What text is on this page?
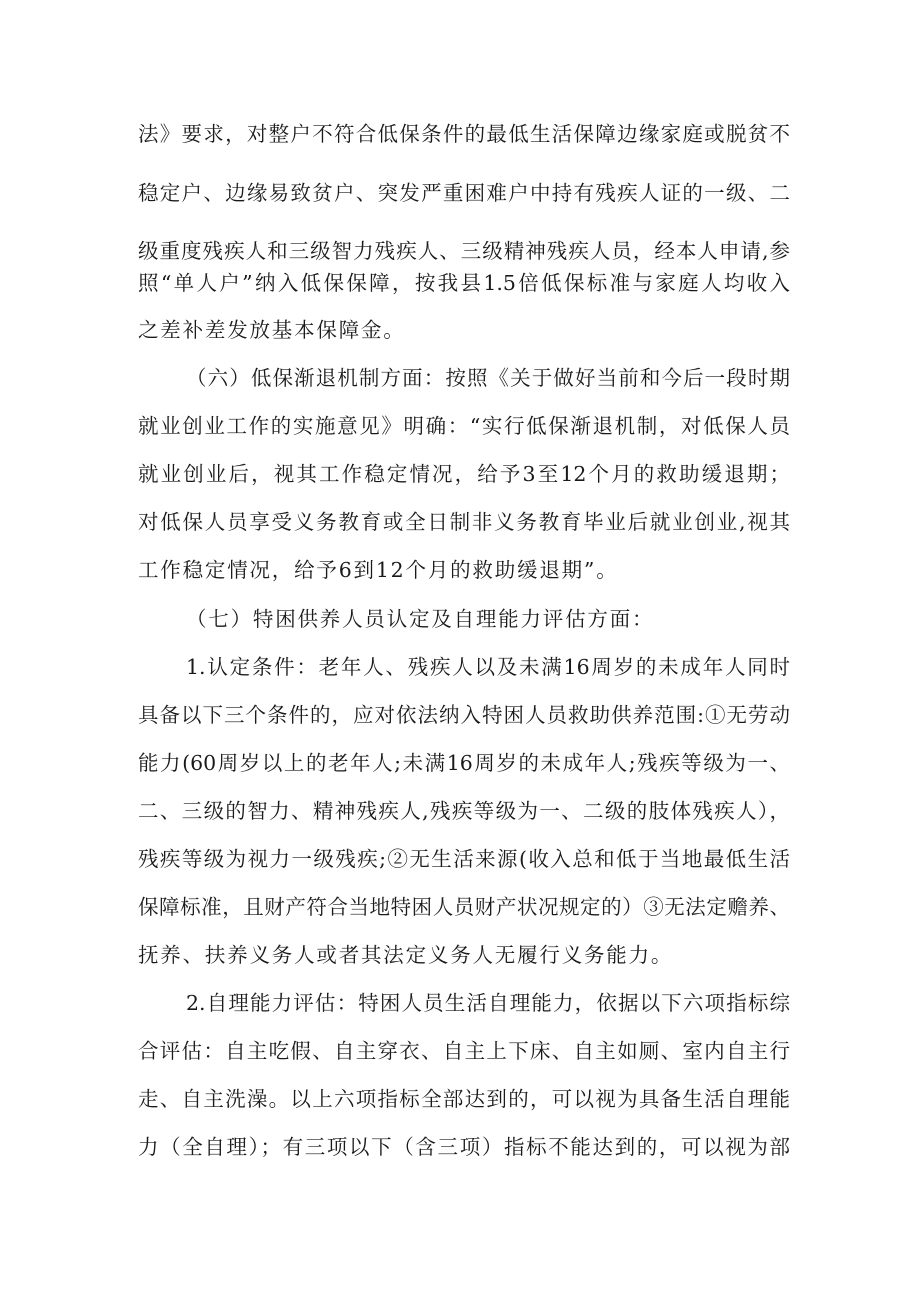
法》要求，对整户不符合低保条件的最低生活保障边缘家庭或脱贫不
稳定户、边缘易致贫户、突发严重困难户中持有残疾人证的一级、二
级重度残疾人和三级智力残疾人、三级精神残疾人员，经本人申请,参
照“单人户”纳入低保保障，按我县1.5倍低保标准与家庭人均收入
之差补差发放基本保障金。
（六）低保渐退机制方面：按照《关于做好当前和今后一段时期
就业创业工作的实施意见》明确：“实行低保渐退机制，对低保人员
就业创业后，视其工作稳定情况，给予3至12个月的救助缓退期；
对低保人员享受义务教育或全日制非义务教育毕业后就业创业,视其
工作稳定情况，给予6到12个月的救助缓退期”。
（七）特困供养人员认定及自理能力评估方面：
1.认定条件：老年人、残疾人以及未满16周岁的未成年人同时
具备以下三个条件的，应对依法纳入特困人员救助供养范围:①无劳动
能力(60周岁以上的老年人;未满16周岁的未成年人;残疾等级为一、
二、三级的智力、精神残疾人,残疾等级为一、二级的肢体残疾人），
残疾等级为视力一级残疾;②无生活来源(收入总和低于当地最低生活
保障标准，且财产符合当地特困人员财产状况规定的）③无法定赡养、
抚养、扶养义务人或者其法定义务人无履行义务能力。
2.自理能力评估：特困人员生活自理能力，依据以下六项指标综
合评估：自主吃假、自主穿衣、自主上下床、自主如厕、室内自主行
走、自主洗澡。以上六项指标全部达到的，可以视为具备生活自理能
力（全自理）；有三项以下（含三项）指标不能达到的，可以视为部
